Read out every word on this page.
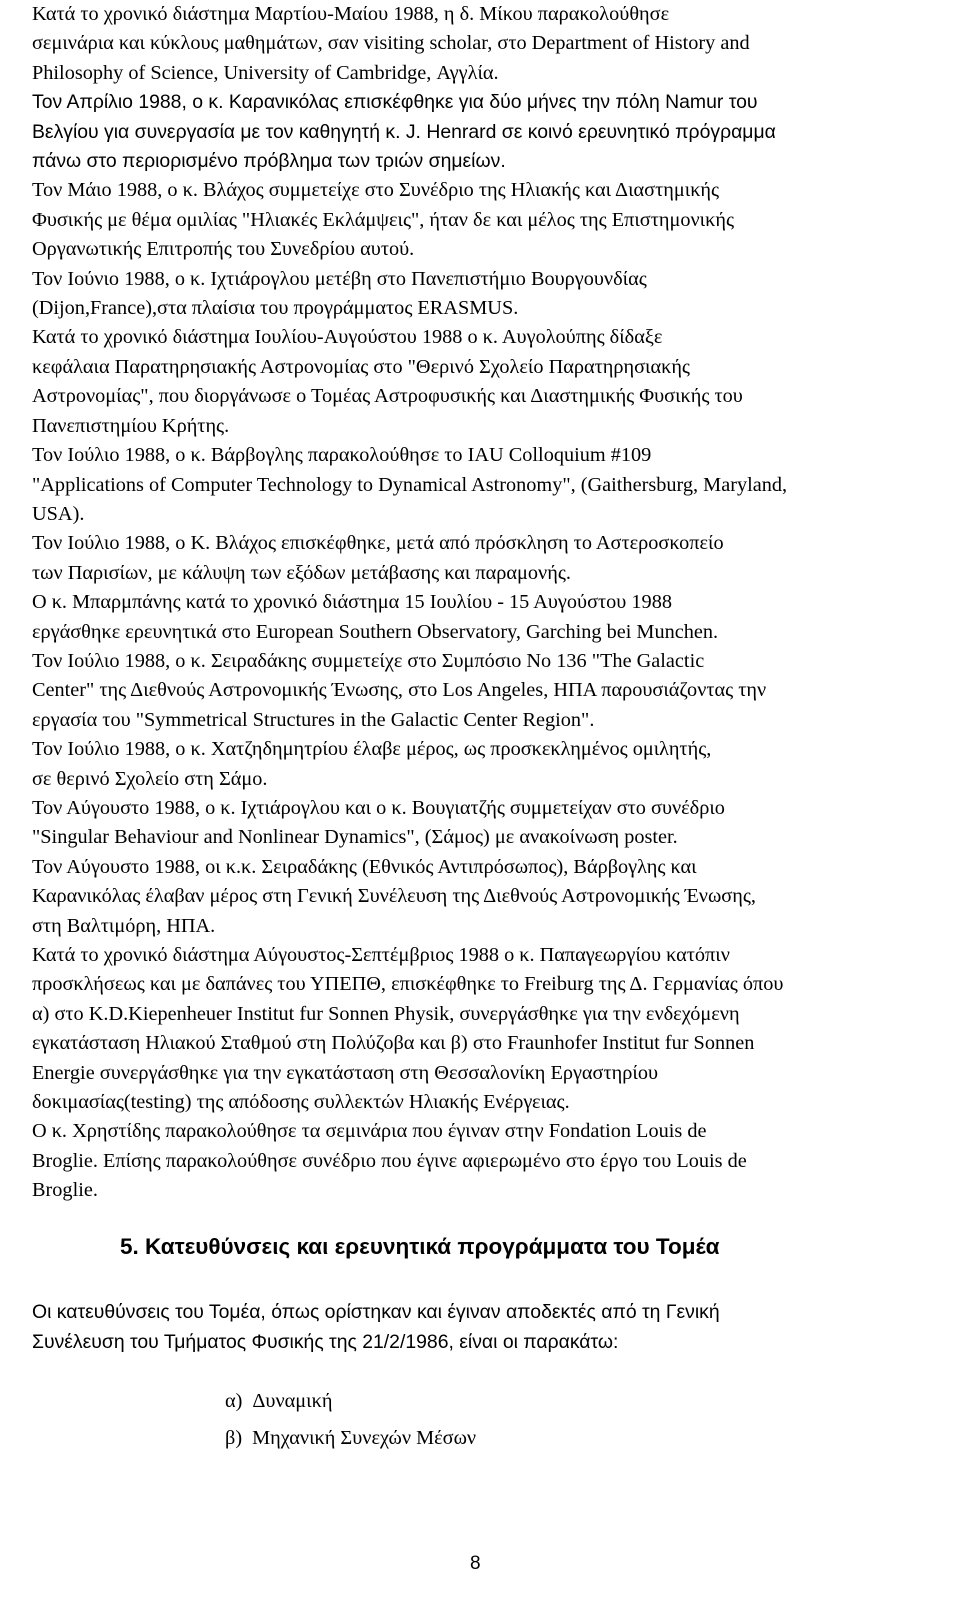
Κατά το χρονικό διάστημα Μαρτίου-Μαίου 1988, η δ. Μίκου παρακολούθησε
σεμινάρια και κύκλους μαθημάτων, σαν visiting scholar, στο Department of History and
Philosophy of Science, University of Cambridge, Αγγλία.

Τον Απρίλιο 1988, ο κ. Καρανικόλας επισκέφθηκε για δύο μήνες την πόλη Namur του
Βελγίου για συνεργασία με τον καθηγητή κ. J. Henrard σε κοινό ερευνητικό πρόγραμμα
πάνω στο περιορισμένο πρόβλημα των τριών σημείων.

Τον Μάιο 1988, ο κ. Βλάχος συμμετείχε στο Συνέδριο της Ηλιακής και Διαστημικής
Φυσικής με θέμα ομιλίας "Ηλιακές Εκλάμψεις", ήταν δε και μέλος της Επιστημονικής
Οργανωτικής Επιτροπής του Συνεδρίου αυτού.

Τον Ιούνιο 1988, ο κ. Ιχτιάρογλου μετέβη στο Πανεπιστήμιο Βουργουνδίας
(Dijon,France),στα πλαίσια του προγράμματος ERASMUS.

Κατά το χρονικό διάστημα Ιουλίου-Αυγούστου 1988 ο κ. Αυγολούπης δίδαξε
κεφάλαια Παρατηρησιακής Αστρονομίας στο "Θερινό Σχολείο Παρατηρησιακής
Αστρονομίας", που διοργάνωσε ο Τομέας Αστροφυσικής και Διαστημικής Φυσικής του
Πανεπιστημίου Κρήτης.

Τον Ιούλιο 1988, ο κ. Βάρβογλης παρακολούθησε το IAU Colloquium #109
"Applications of Computer Technology to Dynamical Astronomy", (Gaithersburg, Maryland,
USA).

Τον Ιούλιο 1988, ο Κ. Βλάχος επισκέφθηκε, μετά από πρόσκληση το Αστεροσκοπείο
των Παρισίων, με κάλυψη των εξόδων μετάβασης και παραμονής.

Ο κ. Μπαρμπάνης κατά το χρονικό διάστημα 15 Ιουλίου - 15 Αυγούστου 1988
εργάσθηκε ερευνητικά στο European Southern Observatory, Garching bei Munchen.

Τον Ιούλιο 1988, ο κ. Σειραδάκης συμμετείχε στο Συμπόσιο Νο 136 "The Galactic
Center" της Διεθνούς Αστρονομικής Ένωσης, στο Los Angeles, ΗΠΑ παρουσιάζοντας την
εργασία του "Symmetrical Structures in the Galactic Center Region".

Τον Ιούλιο 1988, ο κ. Χατζηδημητρίου έλαβε μέρος, ως προσκεκλημένος ομιλητής,
σε θερινό Σχολείο στη Σάμο.

Τον Αύγουστο 1988, ο κ. Ιχτιάρογλου και ο κ. Βουγιατζής συμμετείχαν στο συνέδριο
"Singular Behaviour and Nonlinear Dynamics", (Σάμος) με ανακοίνωση poster.

Τον Αύγουστο 1988, οι κ.κ. Σειραδάκης (Εθνικός Αντιπρόσωπος), Βάρβογλης και
Καρανικόλας έλαβαν μέρος στη Γενική Συνέλευση της Διεθνούς Αστρονομικής Ένωσης,
στη Βαλτιμόρη, ΗΠΑ.

Κατά το χρονικό διάστημα Αύγουστος-Σεπτέμβριος 1988 ο κ. Παπαγεωργίου κατόπιν
προσκλήσεως και με δαπάνες του ΥΠΕΠΘ, επισκέφθηκε το Freiburg της Δ. Γερμανίας όπου
α) στο K.D.Kiepenheuer Institut fur Sonnen Physik, συνεργάσθηκε για την ενδεχόμενη
εγκατάσταση Ηλιακού Σταθμού στη Πολύζοβα και β) στο Fraunhofer Institut fur Sonnen
Energie συνεργάσθηκε για την εγκατάσταση στη Θεσσαλονίκη Εργαστηρίου
δοκιμασίας(testing) της απόδοσης συλλεκτών Ηλιακής Ενέργειας.

Ο κ. Χρηστίδης παρακολούθησε τα σεμινάρια που έγιναν στην Fondation Louis de
Broglie. Επίσης παρακολούθησε συνέδριο που έγινε αφιερωμένο στο έργο του Louis de
Broglie.

5. Κατευθύνσεις και ερευνητικά προγράμματα του Τομέα

Οι κατευθύνσεις του Τομέα, όπως ορίστηκαν και έγιναν αποδεκτές από τη Γενική
Συνέλευση του Τμήματος Φυσικής της 21/2/1986, είναι οι παρακάτω:

α) Δυναμική
β) Μηχανική Συνεχών Μέσων
8
